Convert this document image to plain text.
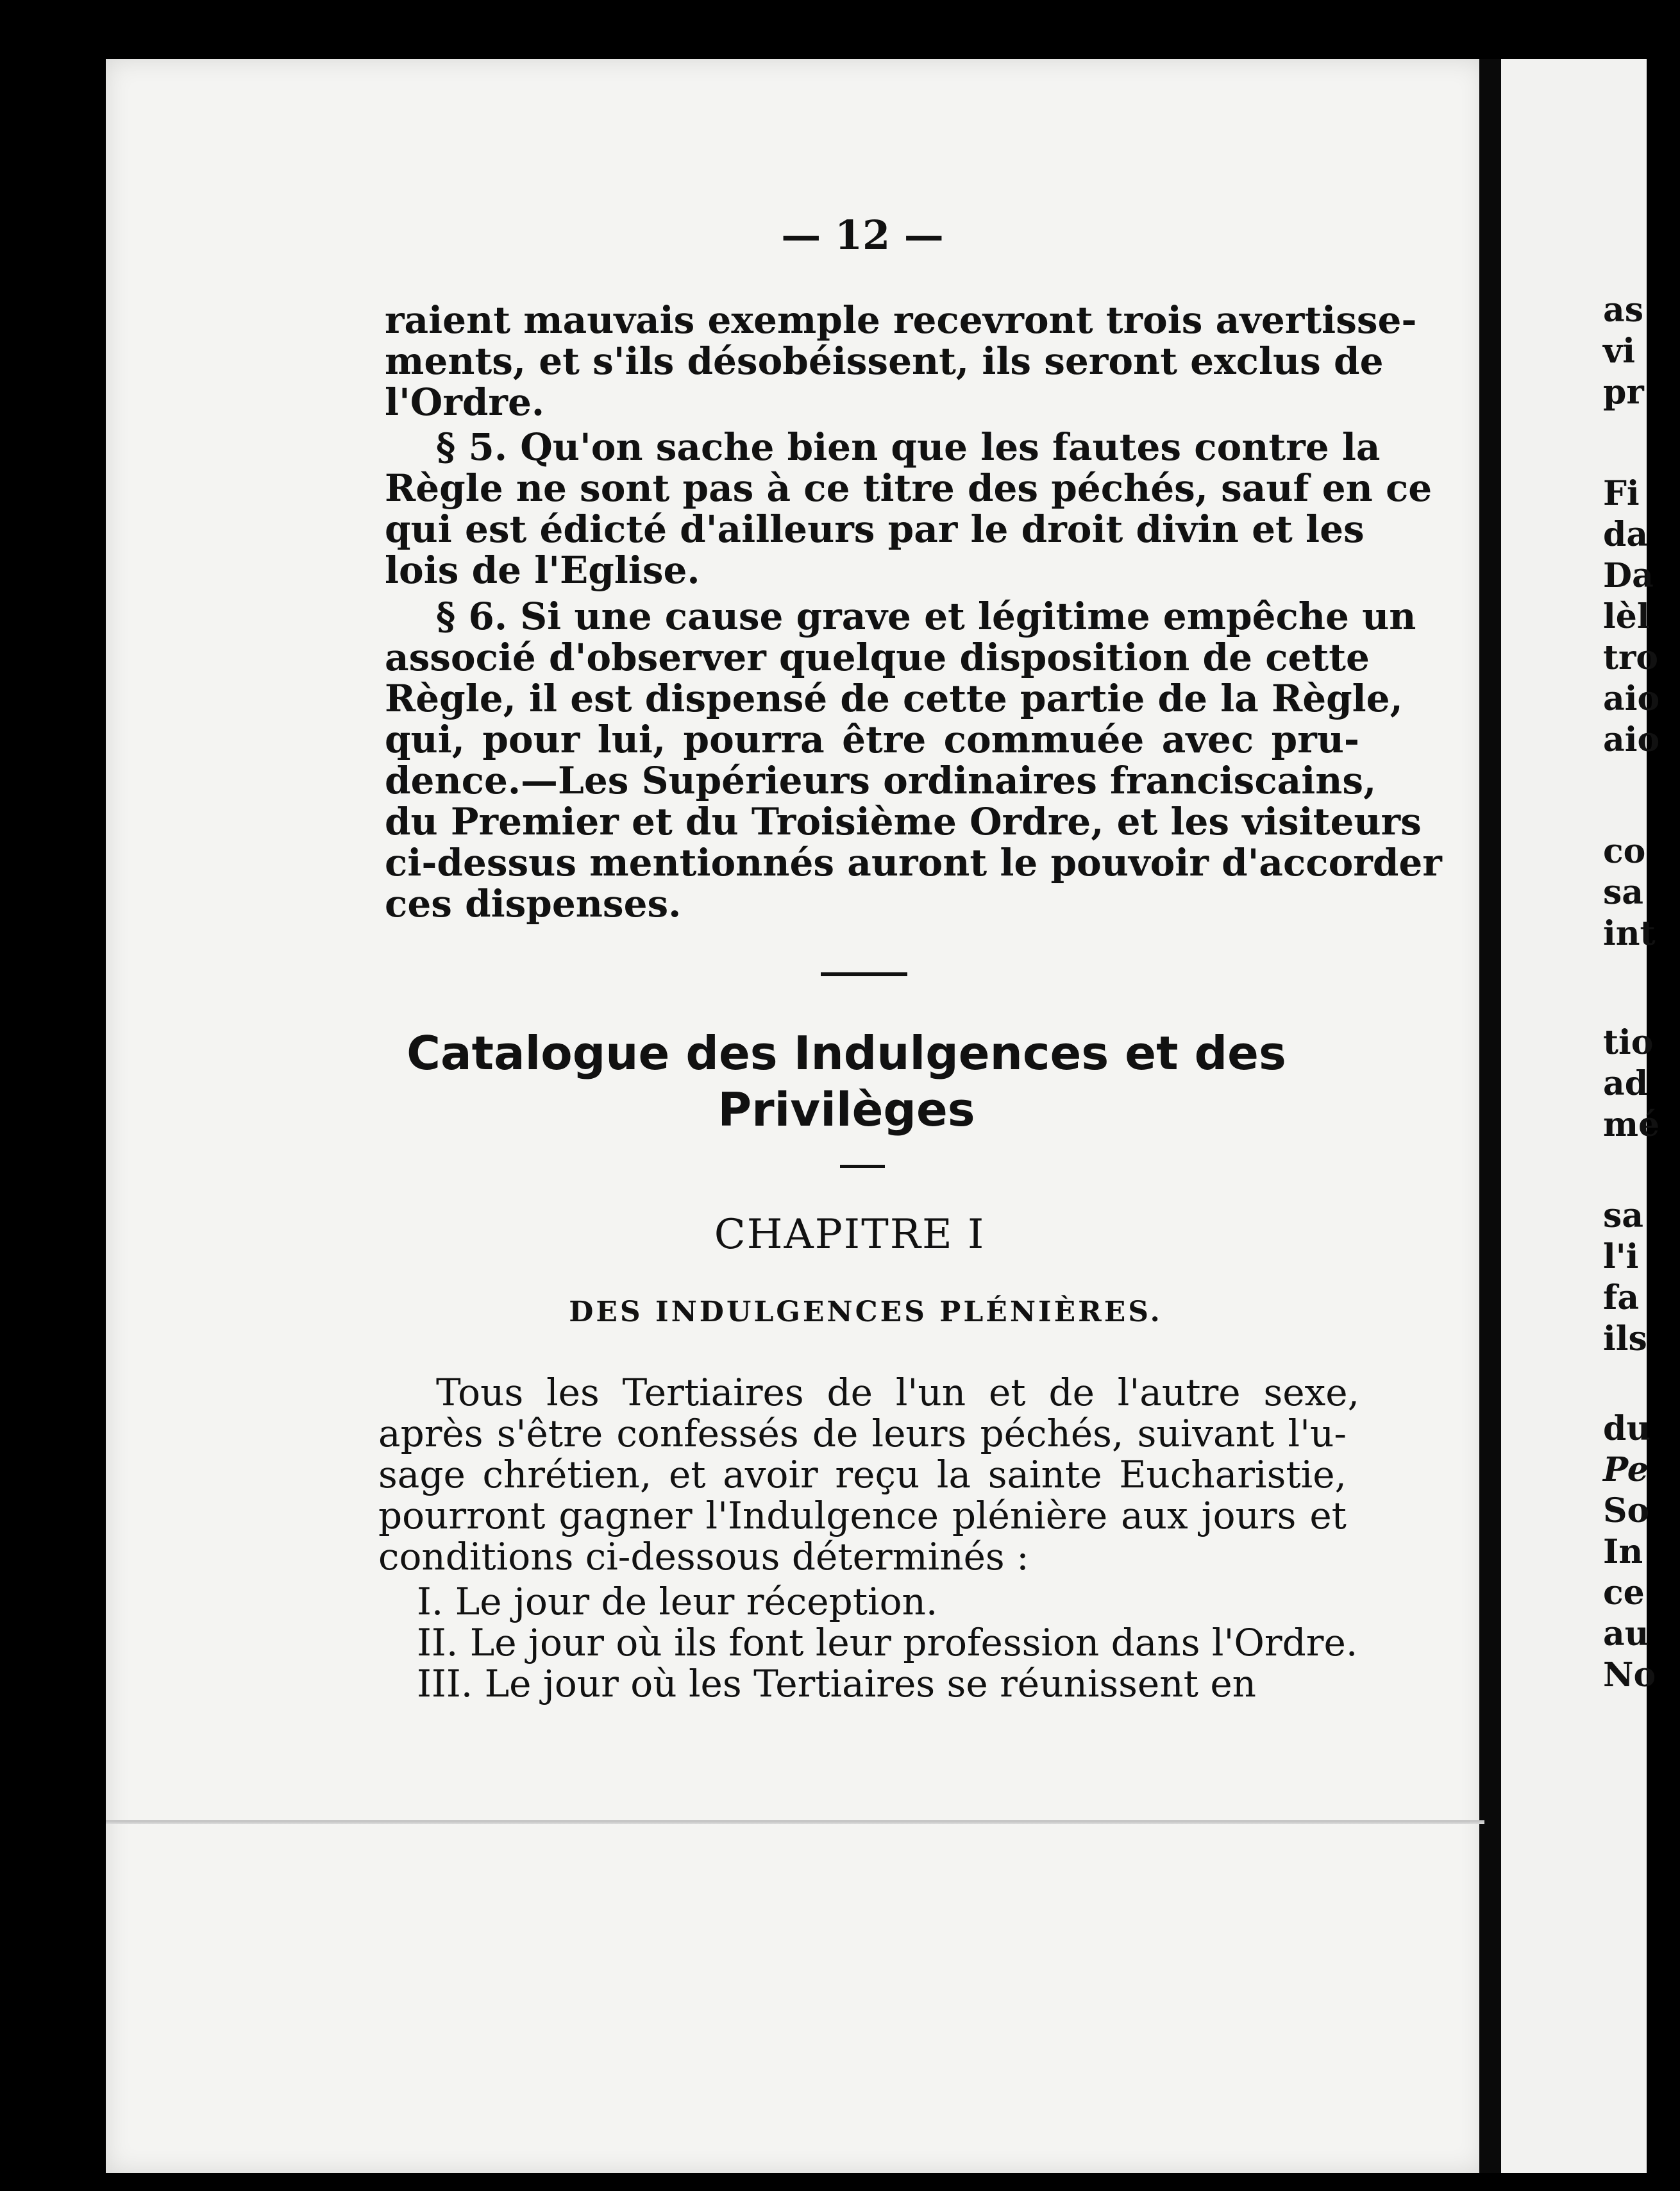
— 12 —

raient mauvais exemple recevront trois avertisse-

ments, et s'ils désobéissent, ils seront exclus de

l'Ordre.

§ 5. Qu'on sache bien que les fautes contre la

Règle ne sont pas à ce titre des péchés, sauf en ce

qui est édicté d'ailleurs par le droit divin et les

lois de l'Eglise.

§ 6. Si une cause grave et légitime empêche un

associé d'observer quelque disposition de cette

Règle, il est dispensé de cette partie de la Règle,

qui, pour lui, pourra être commuée avec pru-

dence.—Les Supérieurs ordinaires franciscains,

du Premier et du Troisième Ordre, et les visiteurs

ci-dessus mentionnés auront le pouvoir d'accorder

ces dispenses.

Catalogue des Indulgences et des
Privilèges
CHAPITRE I
DES INDULGENCES PLÉNIÈRES.

Tous les Tertiaires de l'un et de l'autre sexe,

après s'être confessés de leurs péchés, suivant l'u-

sage chrétien, et avoir reçu la sainte Eucharistie,

pourront gagner l'Indulgence plénière aux jours et

conditions ci-dessous déterminés :

I. Le jour de leur réception.

II. Le jour où ils font leur profession dans l'Ordre.

III. Le jour où les Tertiaires se réunissent en

as

vi

pr

Fi

da

Da

lèl

tro

aio

aio

co

sa

int

tio

ad

mé

sa

l'i

fa

ils

du

Pe

So

In

ce

au

No
